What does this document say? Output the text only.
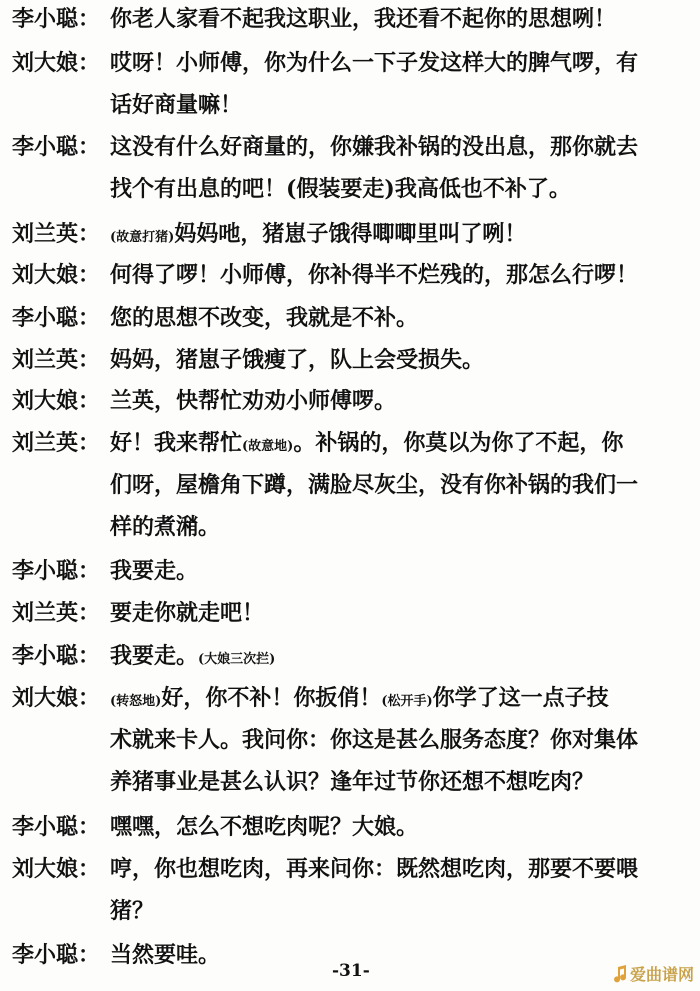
李小聪： 你老人家看不起我这职业，我还看不起你的思想咧！
刘大娘： 哎呀！小师傅，你为什么一下子发这样大的脾气啰，有
话好商量嘛！
李小聪： 这没有什么好商量的，你嫌我补锅的没出息，那你就去
找个有出息的吧！(假装要走)我高低也不补了。
刘兰英： (故意打猪)妈妈吔，猪崽子饿得唧唧里叫了咧！
刘大娘： 何得了啰！小师傅，你补得半不烂残的，那怎么行啰！
李小聪： 您的思想不改变，我就是不补。
刘兰英： 妈妈，猪崽子饿瘦了，队上会受损失。
刘大娘： 兰英，快帮忙劝劝小师傅啰。
刘兰英： 好！我来帮忙(故意地)。补锅的，你莫以为你了不起，你
们呀，屋檐角下蹲，满脸尽灰尘，没有你补锅的我们一
样的煮潲。
李小聪： 我要走。
刘兰英： 要走你就走吧！
李小聪： 我要走。(大娘三次拦)
刘大娘： (转怒地)好，你不补！你扳俏！(松开手)你学了这一点子技
术就来卡人。我问你：你这是甚么服务态度？你对集体
养猪事业是甚么认识？逢年过节你还想不想吃肉？
李小聪： 嘿嘿，怎么不想吃肉呢？大娘。
刘大娘： 哼，你也想吃肉，再来问你：既然想吃肉，那要不要喂
猪？
李小聪： 当然要哇。
-31-	爱曲谱网
